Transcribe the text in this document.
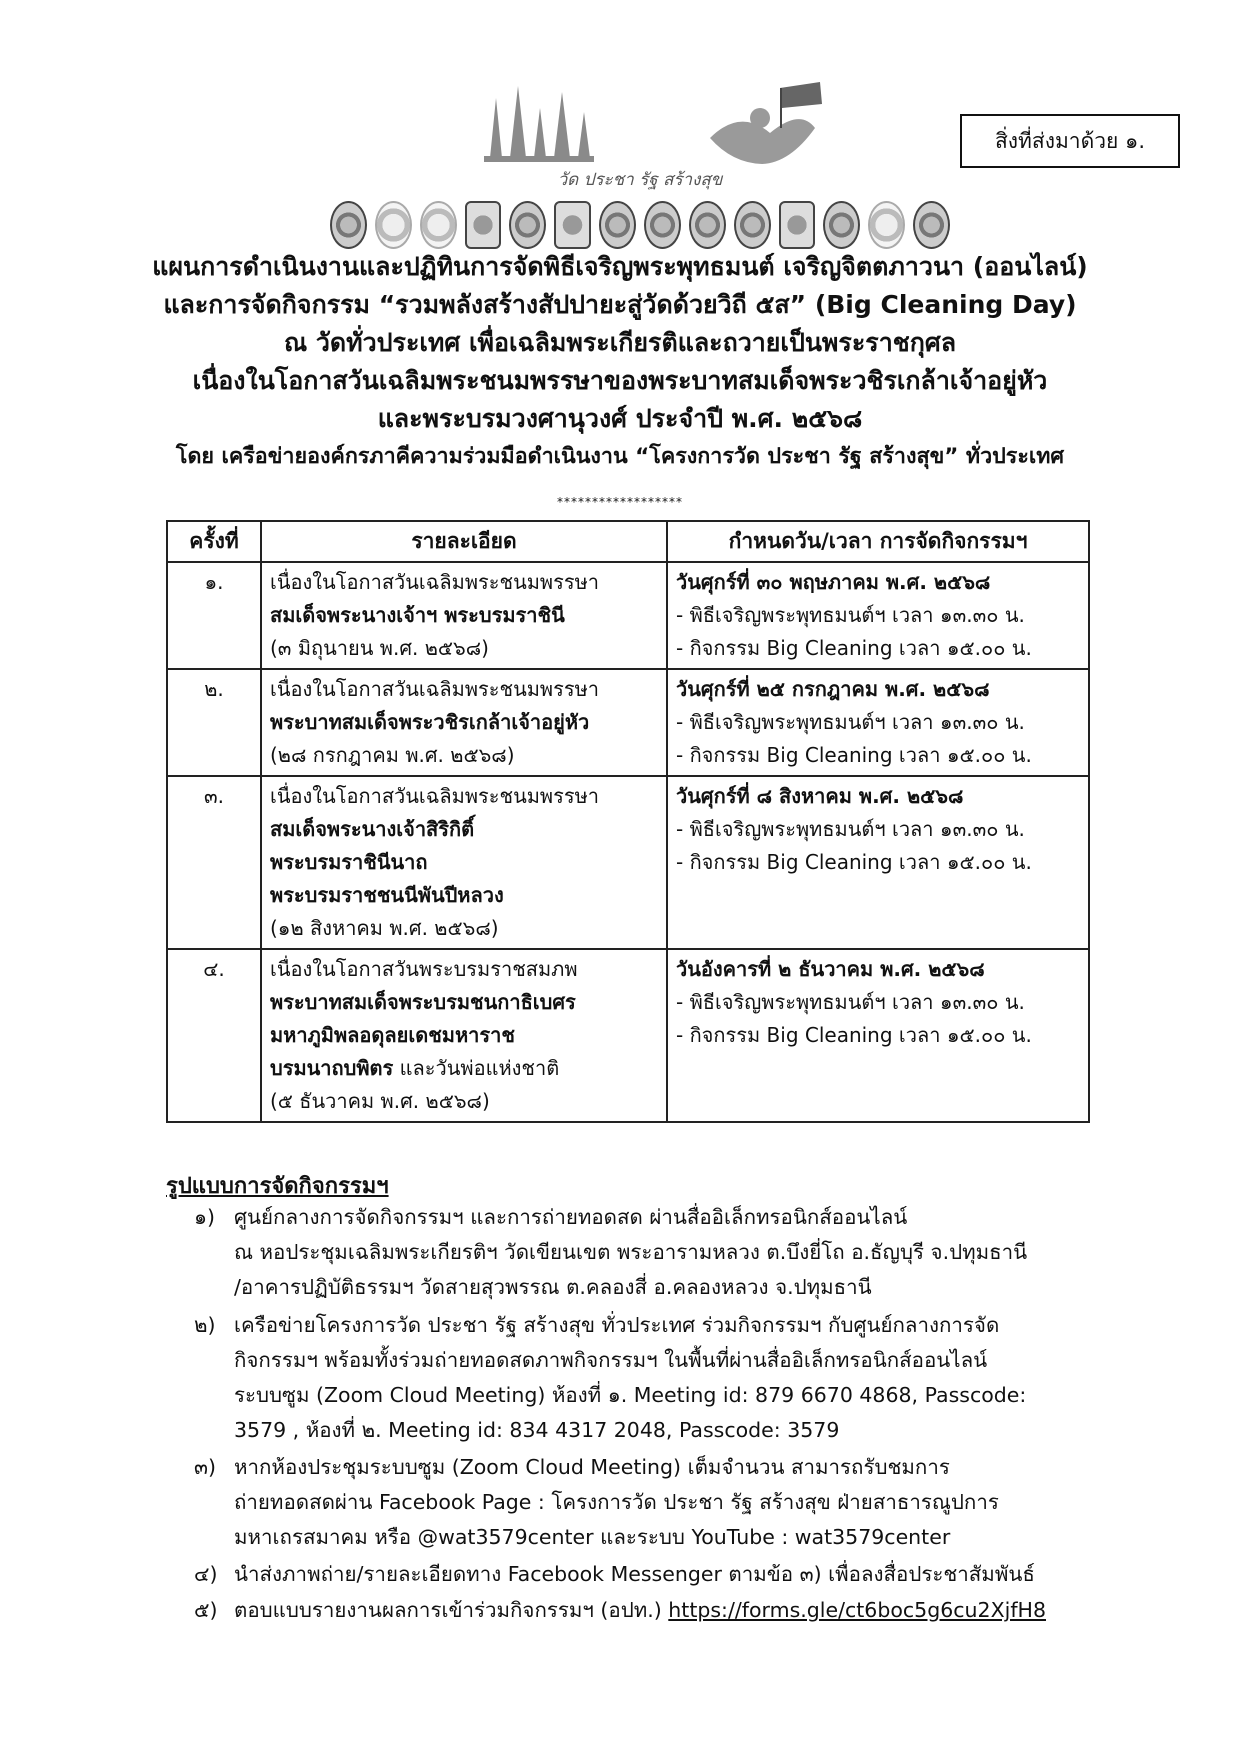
สิ่งที่ส่งมาด้วย ๑.
วัด ประชา รัฐ สร้างสุข
แผนการดำเนินงานและปฏิทินการจัดพิธีเจริญพระพุทธมนต์ เจริญจิตตภาวนา (ออนไลน์)
และการจัดกิจกรรม “รวมพลังสร้างสัปปายะสู่วัดด้วยวิถี ๕ส” (Big Cleaning Day)
ณ วัดทั่วประเทศ เพื่อเฉลิมพระเกียรติและถวายเป็นพระราชกุศล
เนื่องในโอกาสวันเฉลิมพระชนมพรรษาของพระบาทสมเด็จพระวชิรเกล้าเจ้าอยู่หัว
และพระบรมวงศานุวงศ์ ประจำปี พ.ศ. ๒๕๖๘
โดย เครือข่ายองค์กรภาคีความร่วมมือดำเนินงาน “โครงการวัด ประชา รัฐ สร้างสุข” ทั่วประเทศ
******************
ครั้งที่	รายละเอียด	กำหนดวัน/เวลา การจัดกิจกรรมฯ
๑.	เนื่องในโอกาสวันเฉลิมพระชนมพรรษา
สมเด็จพระนางเจ้าฯ พระบรมราชินี
(๓ มิถุนายน พ.ศ. ๒๕๖๘)	วันศุกร์ที่ ๓๐ พฤษภาคม พ.ศ. ๒๕๖๘
- พิธีเจริญพระพุทธมนต์ฯ เวลา ๑๓.๓๐ น.
- กิจกรรม Big Cleaning เวลา ๑๕.๐๐ น.

๒.	เนื่องในโอกาสวันเฉลิมพระชนมพรรษา
พระบาทสมเด็จพระวชิรเกล้าเจ้าอยู่หัว
(๒๘ กรกฎาคม พ.ศ. ๒๕๖๘)	วันศุกร์ที่ ๒๕ กรกฎาคม พ.ศ. ๒๕๖๘
- พิธีเจริญพระพุทธมนต์ฯ เวลา ๑๓.๓๐ น.
- กิจกรรม Big Cleaning เวลา ๑๕.๐๐ น.

๓.	เนื่องในโอกาสวันเฉลิมพระชนมพรรษา
สมเด็จพระนางเจ้าสิริกิติ์
พระบรมราชินีนาถ
พระบรมราชชนนีพันปีหลวง
(๑๒ สิงหาคม พ.ศ. ๒๕๖๘)	วันศุกร์ที่ ๘ สิงหาคม พ.ศ. ๒๕๖๘
- พิธีเจริญพระพุทธมนต์ฯ เวลา ๑๓.๓๐ น.
- กิจกรรม Big Cleaning เวลา ๑๕.๐๐ น.

๔.	เนื่องในโอกาสวันพระบรมราชสมภพ
พระบาทสมเด็จพระบรมชนกาธิเบศร
มหาภูมิพลอดุลยเดชมหาราช
บรมนาถบพิตร และวันพ่อแห่งชาติ
(๕ ธันวาคม พ.ศ. ๒๕๖๘)	วันอังคารที่ ๒ ธันวาคม พ.ศ. ๒๕๖๘
- พิธีเจริญพระพุทธมนต์ฯ เวลา ๑๓.๓๐ น.
- กิจกรรม Big Cleaning เวลา ๑๕.๐๐ น.
รูปแบบการจัดกิจกรรมฯ
๑) ศูนย์กลางการจัดกิจกรรมฯ และการถ่ายทอดสด ผ่านสื่ออิเล็กทรอนิกส์ออนไลน์
ณ หอประชุมเฉลิมพระเกียรติฯ วัดเขียนเขต พระอารามหลวง ต.บึงยี่โถ อ.ธัญบุรี จ.ปทุมธานี
/อาคารปฏิบัติธรรมฯ วัดสายสุวพรรณ ต.คลองสี่ อ.คลองหลวง จ.ปทุมธานี
๒) เครือข่ายโครงการวัด ประชา รัฐ สร้างสุข ทั่วประเทศ ร่วมกิจกรรมฯ กับศูนย์กลางการจัด
กิจกรรมฯ พร้อมทั้งร่วมถ่ายทอดสดภาพกิจกรรมฯ ในพื้นที่ผ่านสื่ออิเล็กทรอนิกส์ออนไลน์
ระบบซูม (Zoom Cloud Meeting) ห้องที่ ๑. Meeting id: 879 6670 4868, Passcode:
3579 , ห้องที่ ๒. Meeting id: 834 4317 2048, Passcode: 3579
๓) หากห้องประชุมระบบซูม (Zoom Cloud Meeting) เต็มจำนวน สามารถรับชมการ
ถ่ายทอดสดผ่าน Facebook Page : โครงการวัด ประชา รัฐ สร้างสุข ฝ่ายสาธารณูปการ
มหาเถรสมาคม หรือ @wat3579center และระบบ YouTube : wat3579center
๔) นำส่งภาพถ่าย/รายละเอียดทาง Facebook Messenger ตามข้อ ๓) เพื่อลงสื่อประชาสัมพันธ์
๕) ตอบแบบรายงานผลการเข้าร่วมกิจกรรมฯ (อปท.) https://forms.gle/ct6boc5g6cu2XjfH8
